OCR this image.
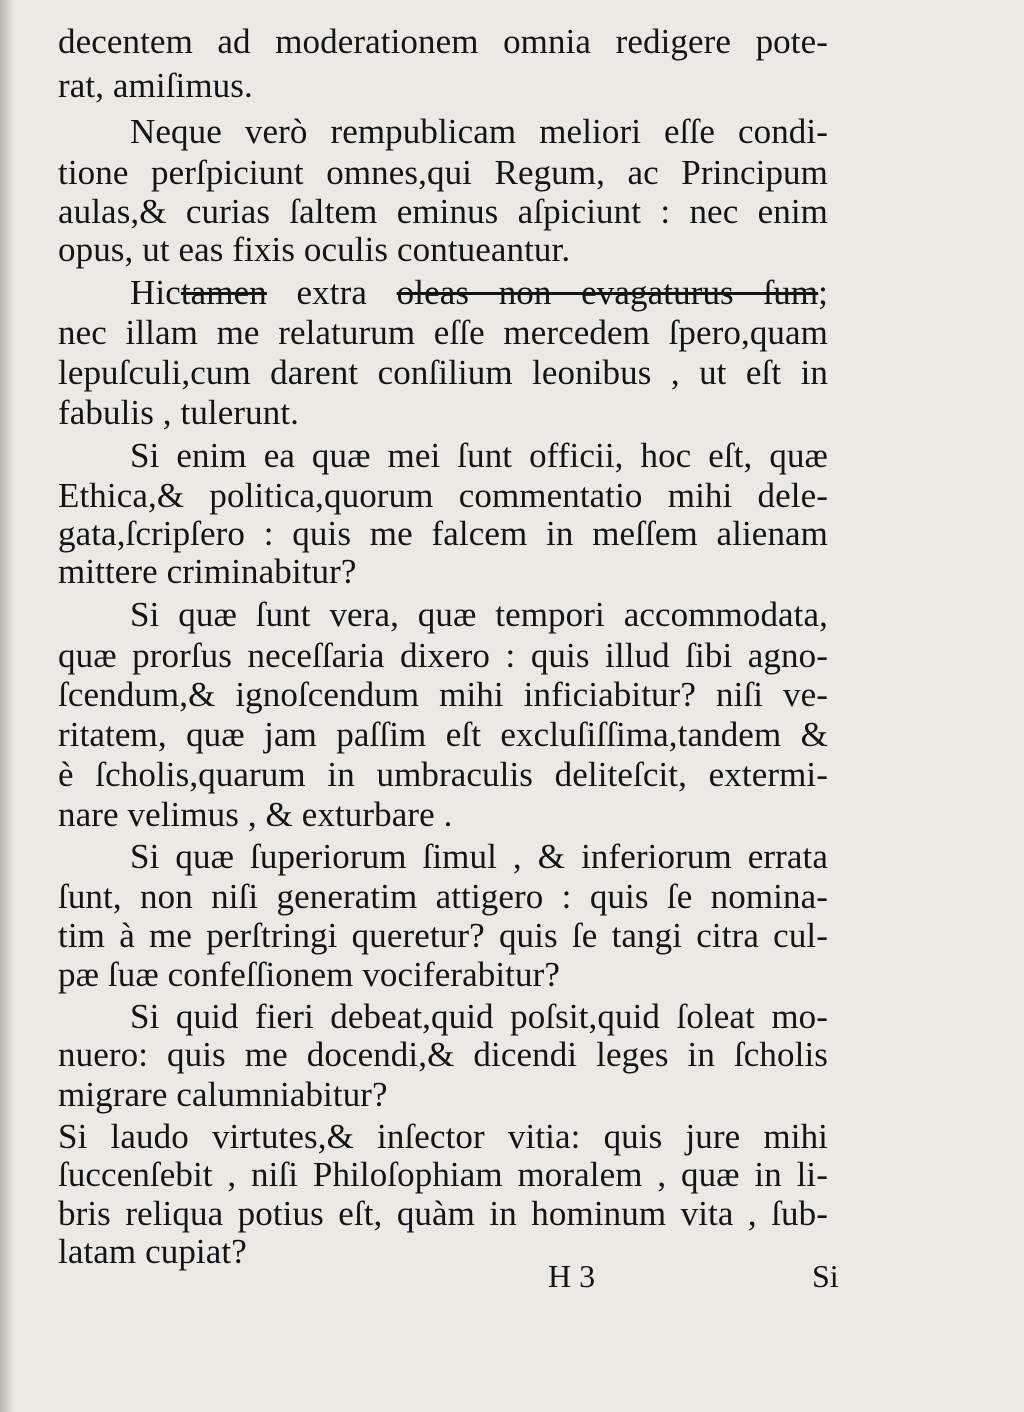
decentem ad moderationem omnia redigere pote-
rat, amiſimus.
Neque verò rempublicam meliori eſſe condi-
tione perſpiciunt omnes,qui Regum, ac Principum
aulas,& curias ſaltem eminus aſpiciunt : nec enim
opus, ut eas fixis oculis contueantur.
Hictamen extra oleas non evagaturus ſum;
nec illam me relaturum eſſe mercedem ſpero,quam
lepuſculi,cum darent conſilium leonibus , ut eſt in
fabulis , tulerunt.
Si enim ea quæ mei ſunt officii, hoc eſt, quæ
Ethica,& politica,quorum commentatio mihi dele-
gata,ſcripſero : quis me falcem in meſſem alienam
mittere criminabitur?
Si quæ ſunt vera, quæ tempori accommodata,
quæ prorſus neceſſaria dixero : quis illud ſibi agno-
ſcendum,& ignoſcendum mihi inficiabitur? niſi ve-
ritatem, quæ jam paſſim eſt excluſiſſima,tandem &
è ſcholis,quarum in umbraculis deliteſcit, extermi-
nare velimus , & exturbare .
Si quæ ſuperiorum ſimul , & inferiorum errata
ſunt, non niſi generatim attigero : quis ſe nomina-
tim à me perſtringi queretur? quis ſe tangi citra cul-
pæ ſuæ confeſſionem vociferabitur?
Si quid fieri debeat,quid poſsit,quid ſoleat mo-
nuero: quis me docendi,& dicendi leges in ſcholis
migrare calumniabitur?
Si laudo virtutes,& inſector vitia: quis jure mihi
ſuccenſebit , niſi Philoſophiam moralem , quæ in li-
bris reliqua potius eſt, quàm in hominum vita , ſub-
latam cupiat?
H 3	Si
